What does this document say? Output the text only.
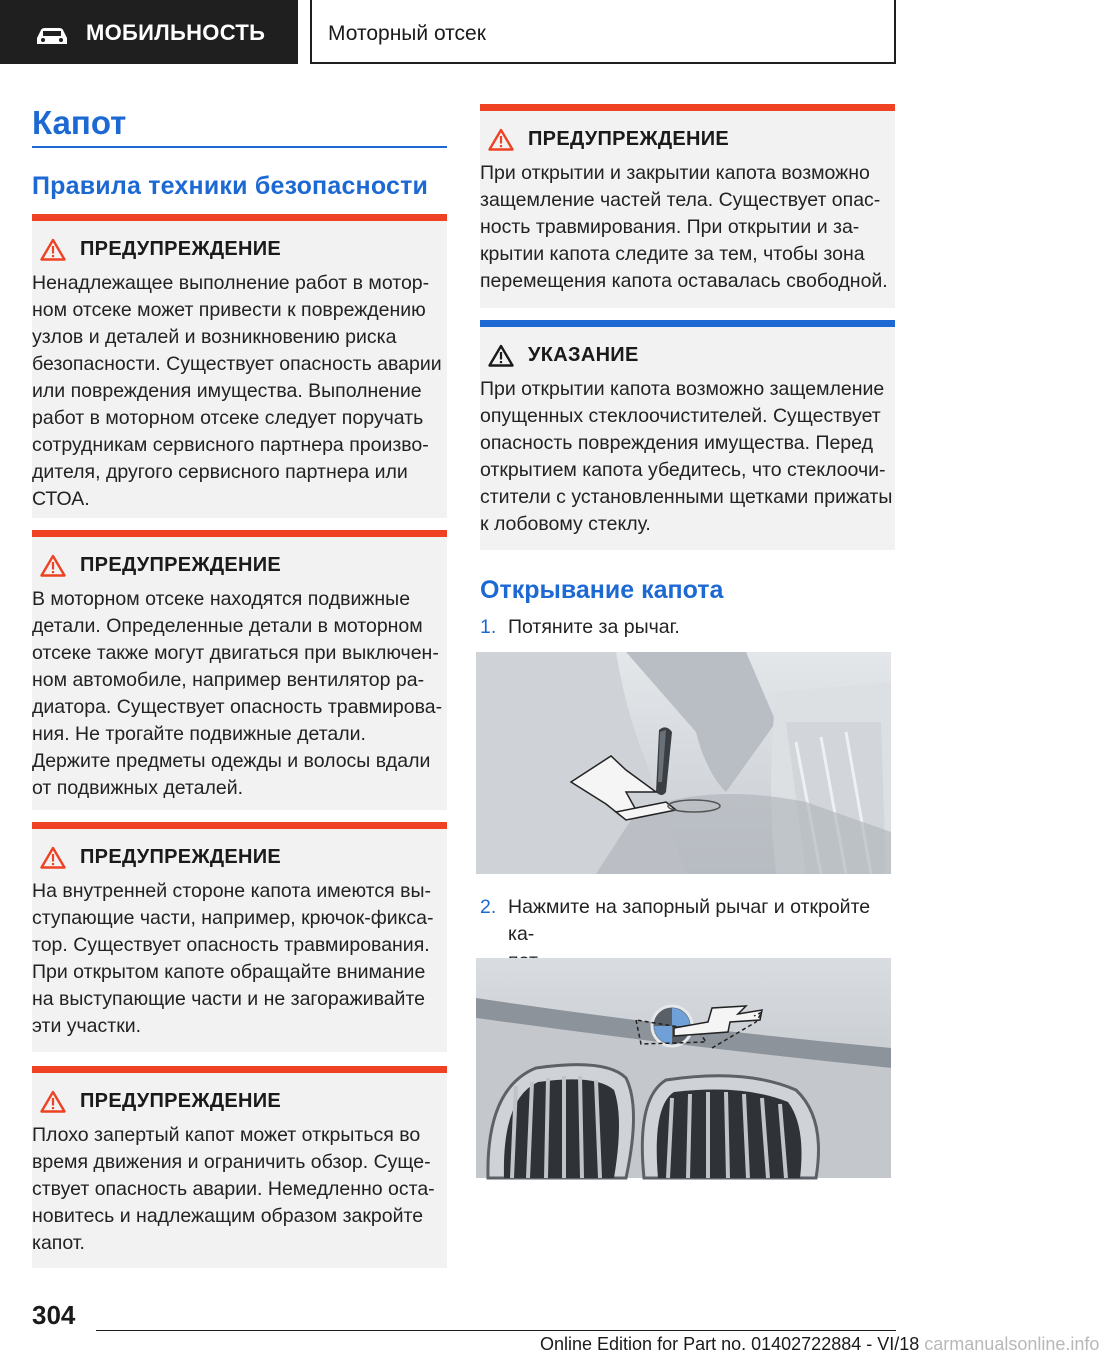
МОБИЛЬНОСТЬ	Моторный отсек
Капот
Правила техники безопасности
ПРЕДУПРЕЖДЕНИЕ
Ненадлежащее выполнение работ в мотор-
ном отсеке может привести к повреждению
узлов и деталей и возникновению риска
безопасности. Существует опасность аварии
или повреждения имущества. Выполнение
работ в моторном отсеке следует поручать
сотрудникам сервисного партнера произво-
дителя, другого сервисного партнера или
СТОА.
ПРЕДУПРЕЖДЕНИЕ
В моторном отсеке находятся подвижные
детали. Определенные детали в моторном
отсеке также могут двигаться при выключен-
ном автомобиле, например вентилятор ра-
диатора. Существует опасность травмирова-
ния. Не трогайте подвижные детали.
Держите предметы одежды и волосы вдали
от подвижных деталей.
ПРЕДУПРЕЖДЕНИЕ
На внутренней стороне капота имеются вы-
ступающие части, например, крючок-фикса-
тор. Существует опасность травмирования.
При открытом капоте обращайте внимание
на выступающие части и не загораживайте
эти участки.
ПРЕДУПРЕЖДЕНИЕ
Плохо запертый капот может открыться во
время движения и ограничить обзор. Суще-
ствует опасность аварии. Немедленно оста-
новитесь и надлежащим образом закройте
капот.
ПРЕДУПРЕЖДЕНИЕ
При открытии и закрытии капота возможно
защемление частей тела. Существует опас-
ность травмирования. При открытии и за-
крытии капота следите за тем, чтобы зона
перемещения капота оставалась свободной.
УКАЗАНИЕ
При открытии капота возможно защемление
опущенных стеклоочистителей. Существует
опасность повреждения имущества. Перед
открытием капота убедитесь, что стеклоочи-
стители с установленными щетками прижаты
к лобовому стеклу.
Открывание капота
1. Потяните за рычаг.
2. Нажмите на запорный рычаг и откройте ка-

304
Online Edition for Part no. 01402722884 - VI/18 carmanualsonline.info
